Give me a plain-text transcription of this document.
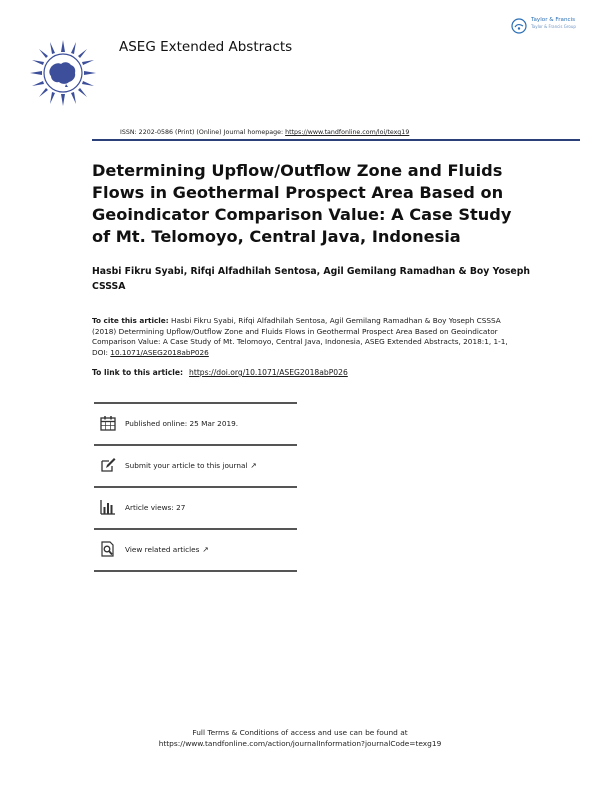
ASEG Extended Abstracts
Taylor & Francis
Taylor & Francis Group
ISSN: 2202-0586 (Print) (Online) Journal homepage: https://www.tandfonline.com/loi/texg19
Determining Upflow/Outflow Zone and Fluids Flows in Geothermal Prospect Area Based on Geoindicator Comparison Value: A Case Study of Mt. Telomoyo, Central Java, Indonesia
Hasbi Fikru Syabi, Rifqi Alfadhilah Sentosa, Agil Gemilang Ramadhan & Boy Yoseph CSSSA
To cite this article: Hasbi Fikru Syabi, Rifqi Alfadhilah Sentosa, Agil Gemilang Ramadhan & Boy Yoseph CSSSA (2018) Determining Upflow/Outflow Zone and Fluids Flows in Geothermal Prospect Area Based on Geoindicator Comparison Value: A Case Study of Mt. Telomoyo, Central Java, Indonesia, ASEG Extended Abstracts, 2018:1, 1-1, DOI: 10.1071/ASEG2018abP026
To link to this article: https://doi.org/10.1071/ASEG2018abP026
Published online: 25 Mar 2019.
Submit your article to this journal ↗
Article views: 27
View related articles ↗
Full Terms & Conditions of access and use can be found at
https://www.tandfonline.com/action/journalInformation?journalCode=texg19
